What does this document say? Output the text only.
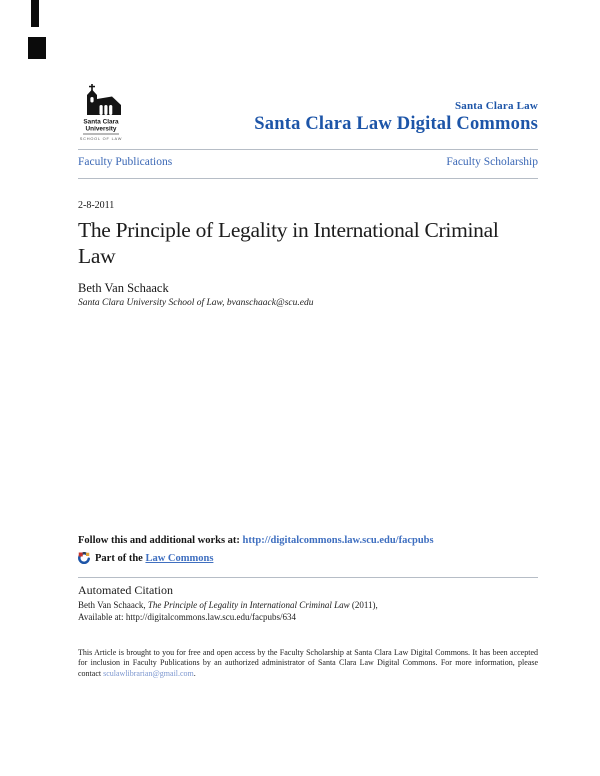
Santa Clara
University
SCHOOL OF LAW
Santa Clara Law
Santa Clara Law Digital Commons
Faculty Publications	Faculty Scholarship
2-8-2011
The Principle of Legality in International Criminal
Law
Beth Van Schaack
Santa Clara University School of Law, bvanschaack@scu.edu
Follow this and additional works at: http://digitalcommons.law.scu.edu/facpubs
Part of the Law Commons
Automated Citation
Beth Van Schaack, The Principle of Legality in International Criminal Law (2011),
Available at: http://digitalcommons.law.scu.edu/facpubs/634
This Article is brought to you for free and open access by the Faculty Scholarship at Santa Clara Law Digital Commons. It has been accepted for inclusion in Faculty Publications by an authorized administrator of Santa Clara Law Digital Commons. For more information, please contact sculawlibrarian@gmail.com.
